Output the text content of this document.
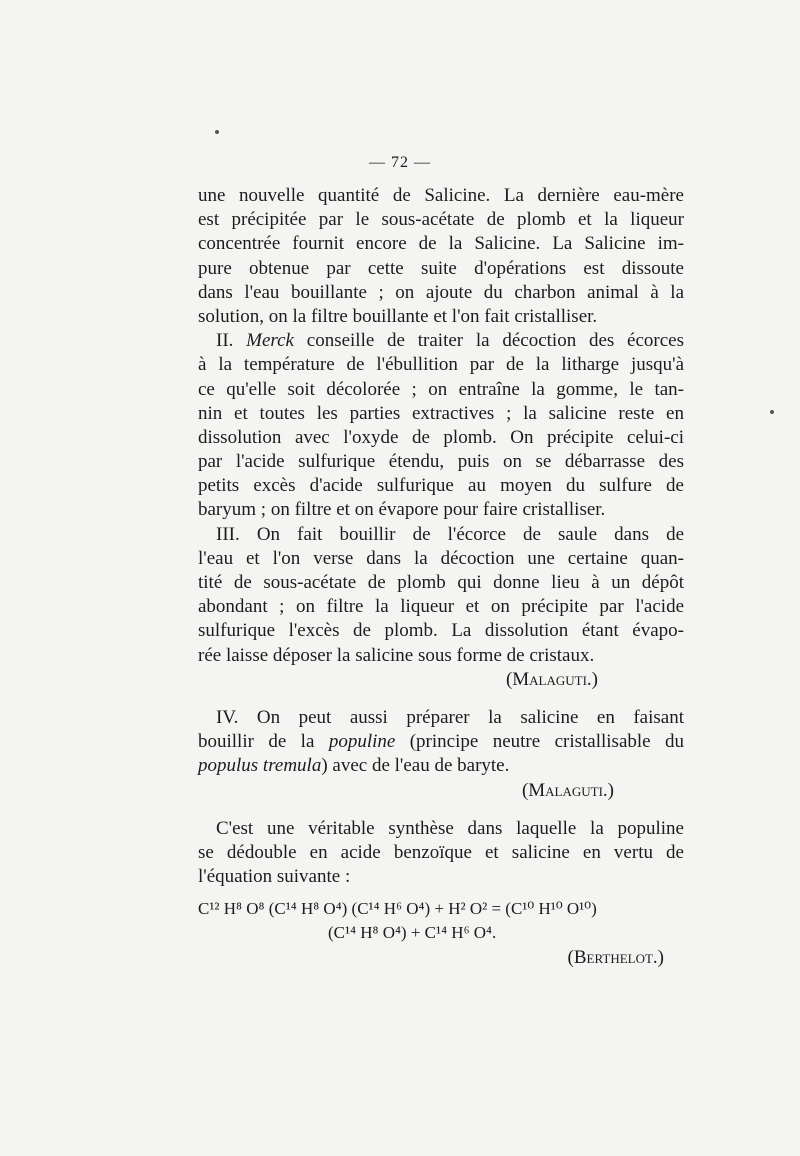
— 72 —
une nouvelle quantité de Salicine. La dernière eau-mère
est précipitée par le sous-acétate de plomb et la liqueur
concentrée fournit encore de la Salicine. La Salicine im-
pure obtenue par cette suite d'opérations est dissoute
dans l'eau bouillante ; on ajoute du charbon animal à la
solution, on la filtre bouillante et l'on fait cristalliser.
II. Merck conseille de traiter la décoction des écorces
à la température de l'ébullition par de la litharge jusqu'à
ce qu'elle soit décolorée ; on entraîne la gomme, le tan-
nin et toutes les parties extractives ; la salicine reste en
dissolution avec l'oxyde de plomb. On précipite celui-ci
par l'acide sulfurique étendu, puis on se débarrasse des
petits excès d'acide sulfurique au moyen du sulfure de
baryum ; on filtre et on évapore pour faire cristalliser.
III. On fait bouillir de l'écorce de saule dans de
l'eau et l'on verse dans la décoction une certaine quan-
tité de sous-acétate de plomb qui donne lieu à un dépôt
abondant ; on filtre la liqueur et on précipite par l'acide
sulfurique l'excès de plomb. La dissolution étant évapo-
rée laisse déposer la salicine sous forme de cristaux.
(Malaguti.)
IV. On peut aussi préparer la salicine en faisant
bouillir de la populine (principe neutre cristallisable du
populus tremula) avec de l'eau de baryte.
(Malaguti.)
C'est une véritable synthèse dans laquelle la populine
se dédouble en acide benzoïque et salicine en vertu de
l'équation suivante :
C¹² H⁸ O⁸ (C¹⁴ H⁸ O⁴) (C¹⁴ H⁶ O⁴) + H² O² = (C¹⁰ H¹⁰ O¹⁰)
(C¹⁴ H⁸ O⁴) + C¹⁴ H⁶ O⁴.
(Berthelot.)
